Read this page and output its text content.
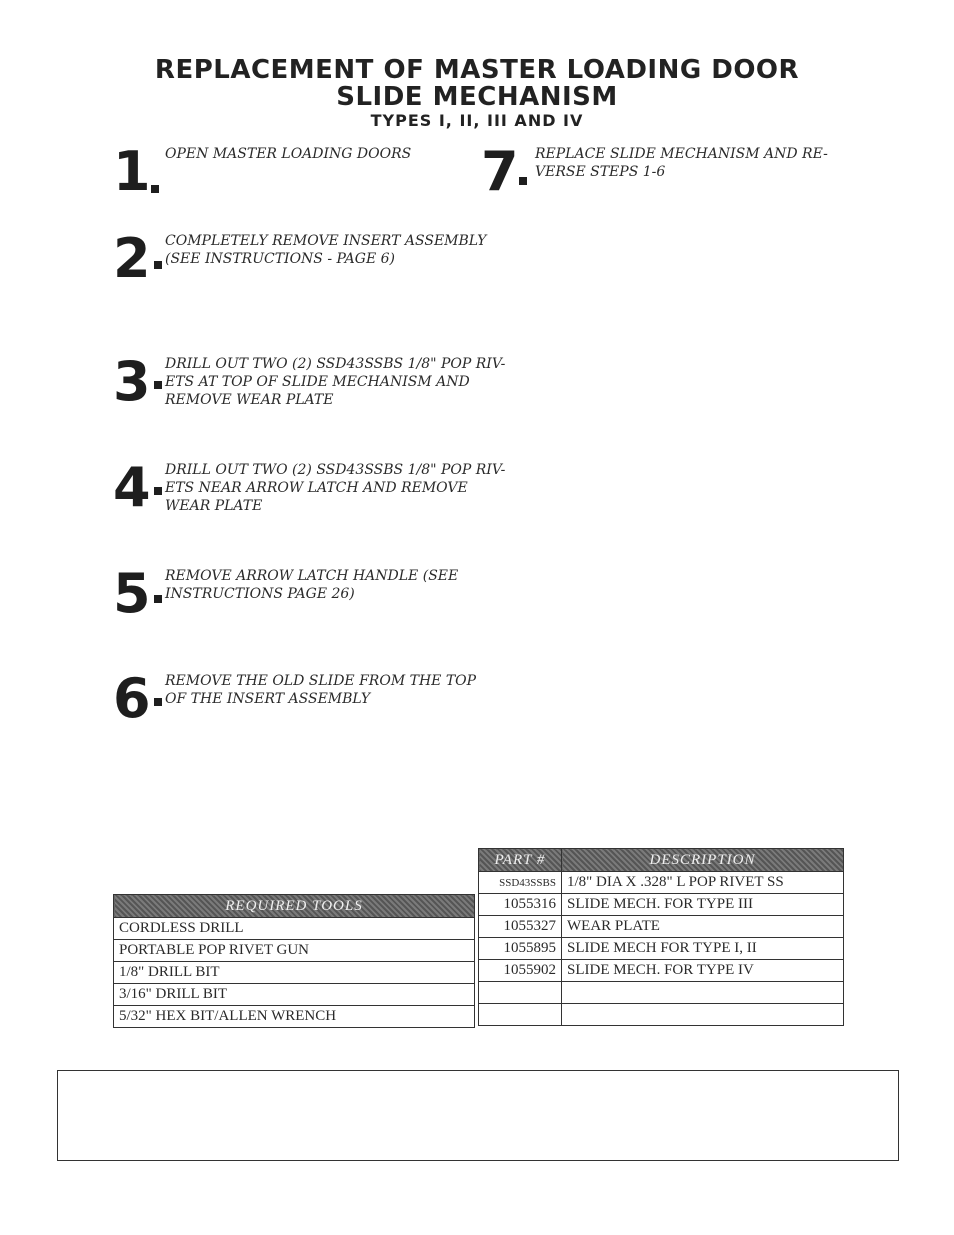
REPLACEMENT OF MASTER LOADING DOOR
SLIDE MECHANISM
TYPES I, II, III AND IV
1 OPEN MASTER LOADING DOORS
2 COMPLETELY REMOVE INSERT ASSEMBLY
(SEE INSTRUCTIONS - PAGE 6)
3 DRILL OUT TWO (2) SSD43SSBS 1/8" POP RIV-
ETS AT TOP OF SLIDE MECHANISM AND
REMOVE WEAR PLATE
4 DRILL OUT TWO (2) SSD43SSBS 1/8" POP RIV-
ETS NEAR ARROW LATCH AND REMOVE
WEAR PLATE
5 REMOVE ARROW LATCH HANDLE (SEE
INSTRUCTIONS PAGE 26)
6 REMOVE THE OLD SLIDE FROM THE TOP
OF THE INSERT ASSEMBLY
7 REPLACE SLIDE MECHANISM AND RE-
VERSE STEPS 1-6
REQUIRED TOOLS
CORDLESS DRILL
PORTABLE POP RIVET GUN
1/8" DRILL BIT
3/16" DRILL BIT
5/32" HEX BIT/ALLEN WRENCH
PART #	DESCRIPTION
SSD43SSBS	1/8" DIA X .328" L POP RIVET SS
1055316	SLIDE MECH. FOR TYPE III
1055327	WEAR PLATE
1055895	SLIDE MECH FOR TYPE I, II
1055902	SLIDE MECH. FOR TYPE IV
